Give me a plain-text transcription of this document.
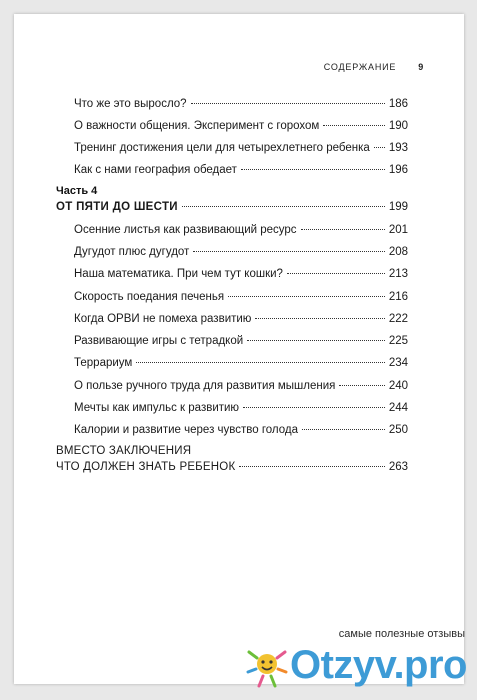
СОДЕРЖАНИЕ 9
Что же это выросло?	186
О важности общения. Эксперимент с горохом	190
Тренинг достижения цели для четырехлетнего ребенка 193
Как с нами география обедает	196
Часть 4
ОТ ПЯТИ ДО ШЕСТИ	199
Осенние листья как развивающий ресурс	201
Дугудот плюс дугудот	208
Наша математика. При чем тут кошки?	213
Скорость поедания печенья	216
Когда ОРВИ не помеха развитию	222
Развивающие игры с тетрадкой	225
Террариум	234
О пользе ручного труда для развития мышления	240
Мечты как импульс к развитию	244
Калории и развитие через чувство голода	250
ВМЕСТО ЗАКЛЮЧЕНИЯ
ЧТО ДОЛЖЕН ЗНАТЬ РЕБЕНОК	263
самые полезные отзывы
Otzyv.pro
